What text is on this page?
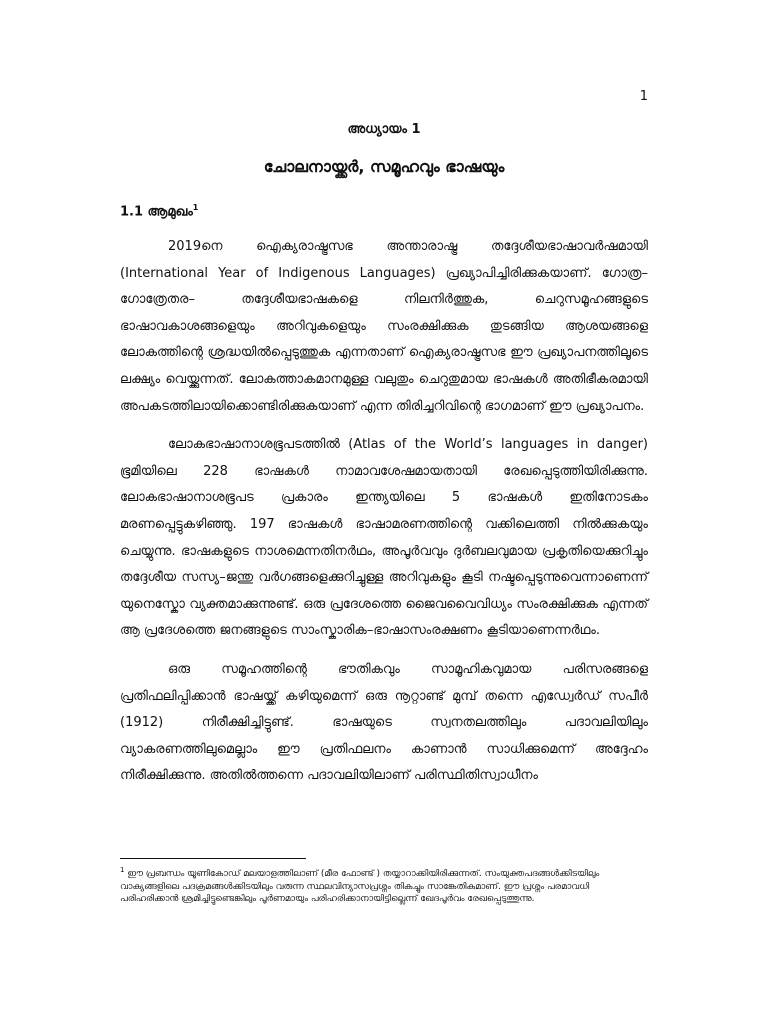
1
അധ്യായം 1
ചോലനായ്ക്കർ, സമൂഹവും ഭാഷയും
1.1 ആമുഖം$^1$

2019നെ ഐക്യരാഷ്ട്രസഭ അന്താരാഷ്ട്ര തദ്ദേശീയഭാഷാവർഷമായി (International Year of Indigenous Languages) പ്രഖ്യാപിച്ചിരിക്കുകയാണ്. ഗോത്ര–ഗോത്രേതര– തദ്ദേശീയഭാഷകളെ നിലനിർത്തുക, ചെറുസമൂഹങ്ങളുടെ ഭാഷാവകാശങ്ങളെയും അറിവുകളെയും സംരക്ഷിക്കുക തുടങ്ങിയ ആശയങ്ങളെ ലോകത്തിന്റെ ശ്രദ്ധയിൽപ്പെടുത്തുക എന്നതാണ് ഐക്യരാഷ്ട്രസഭ ഈ പ്രഖ്യാപനത്തിലൂടെ ലക്ഷ്യം വെയ്ക്കുന്നത്. ലോകത്താകമാനമുള്ള വലുതും ചെറുതുമായ ഭാഷകൾ അതിഭീകരമായി അപകടത്തിലായിക്കൊണ്ടിരിക്കുകയാണ് എന്ന തിരിച്ചറിവിന്റെ ഭാഗമാണ് ഈ പ്രഖ്യാപനം.

ലോകഭാഷാനാശഭൂപടത്തിൽ (Atlas of the World’s languages in danger) ഭൂമിയിലെ 228 ഭാഷകൾ നാമാവശേഷമായതായി രേഖപ്പെടുത്തിയിരിക്കുന്നു. ലോകഭാഷാനാശഭൂപട പ്രകാരം ഇന്ത്യയിലെ 5 ഭാഷകൾ ഇതിനോടകം മരണപ്പെട്ടുകഴിഞ്ഞു. 197 ഭാഷകൾ ഭാഷാമരണത്തിന്റെ വക്കിലെത്തി നിൽക്കുകയും ചെയ്യുന്നു. ഭാഷകളുടെ നാശമെന്നതിനർഥം, അപൂർവവും ദുർബലവുമായ പ്രകൃതിയെക്കുറിച്ചും തദ്ദേശീയ സസ്യ–ജന്തു വർഗങ്ങളെക്കുറിച്ചുള്ള അറിവുകളും കൂടി നഷ്ടപ്പെടുന്നുവെന്നാണെന്ന് യുനെസ്കോ വ്യക്തമാക്കുന്നുണ്ട്. ഒരു പ്രദേശത്തെ ജൈവവൈവിധ്യം സംരക്ഷിക്കുക എന്നത് ആ പ്രദേശത്തെ ജനങ്ങളുടെ സാംസ്കാരിക–ഭാഷാസംരക്ഷണം കൂടിയാണെന്നർഥം.

ഒരു സമൂഹത്തിന്റെ ഭൗതികവും സാമൂഹികവുമായ പരിസരങ്ങളെ പ്രതിഫലിപ്പിക്കാൻ ഭാഷയ്ക്ക് കഴിയുമെന്ന് ഒരു നൂറ്റാണ്ട് മുമ്പ് തന്നെ എഡ്വേർഡ് സപീർ (1912) നിരീക്ഷിച്ചിട്ടുണ്ട്. ഭാഷയുടെ സ്വനതലത്തിലും പദാവലിയിലും വ്യാകരണത്തിലുമെല്ലാം ഈ പ്രതിഫലനം കാണാൻ സാധിക്കുമെന്ന് അദ്ദേഹം നിരീക്ഷിക്കുന്നു. അതിൽത്തന്നെ പദാവലിയിലാണ് പരിസ്ഥിതിസ്വാധീനം

$^1$ ഈ പ്രബന്ധം യൂണികോഡ് മലയാളത്തിലാണ് (മീര ഫോണ്ട് ) തയ്യാറാക്കിയിരിക്കുന്നത്. സംയുക്തപദങ്ങൾക്കിടയിലും വാക്യങ്ങളിലെ പദക്രമങ്ങൾക്കിടയിലും വരുന്ന സ്ഥലവിന്യാസപ്രശ്നം തികച്ചും സാങ്കേതികമാണ്. ഈ പ്രശ്നം പരമാവധി പരിഹരിക്കാൻ ശ്രമിച്ചിട്ടുണ്ടെങ്കിലും പൂർണമായും പരിഹരിക്കാനായിട്ടില്ലെന്ന് ഖേദപൂർവം രേഖപ്പെടുത്തുന്നു.
